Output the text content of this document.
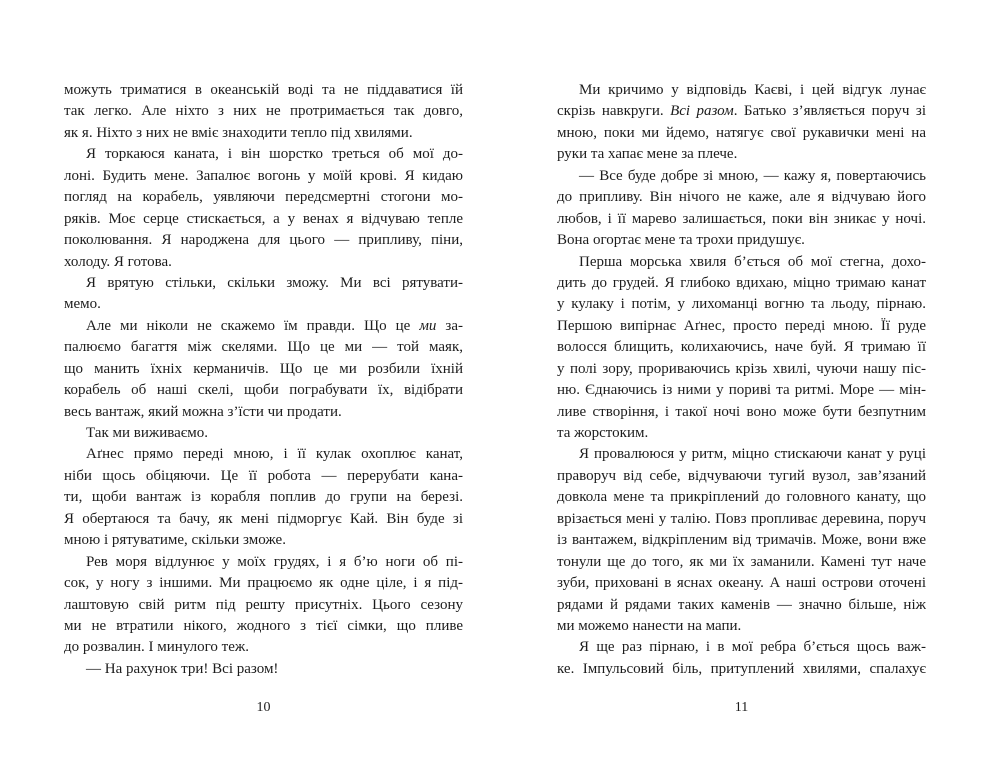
можуть триматися в океанській воді та не піддаватися їй
так легко. Але ніхто з них не протримається так довго,
як я. Ніхто з них не вміє знаходити тепло під хвилями.
Я торкаюся каната, і він шорстко треться об мої до-
лоні. Будить мене. Запалює вогонь у моїй крові. Я кидаю
погляд на корабель, уявляючи передсмертні стогони мо-
ряків. Моє серце стискається, а у венах я відчуваю тепле
поколювання. Я народжена для цього — припливу, піни,
холоду. Я готова.
Я врятую стільки, скільки зможу. Ми всі рятувати-
мемо.
Але ми ніколи не скажемо їм правди. Що це ми за-
палюємо багаття між скелями. Що це ми — той маяк,
що манить їхніх керманичів. Що це ми розбили їхній
корабель об наші скелі, щоби пограбувати їх, відібрати
весь вантаж, який можна з’їсти чи продати.
Так ми виживаємо.
Аґнес прямо переді мною, і її кулак охоплює канат,
ніби щось обіцяючи. Це її робота — перерубати кана-
ти, щоби вантаж із корабля поплив до групи на березі.
Я обертаюся та бачу, як мені підморгує Кай. Він буде зі
мною і рятуватиме, скільки зможе.
Рев моря відлунює у моїх грудях, і я б’ю ноги об пі-
сок, у ногу з іншими. Ми працюємо як одне ціле, і я під-
лаштовую свій ритм під решту присутніх. Цього сезону
ми не втратили нікого, жодного з тієї сімки, що пливе
до розвалин. І минулого теж.
— На рахунок три! Всі разом!
Ми кричимо у відповідь Каєві, і цей відгук лунає
скрізь навкруги. Всі разом. Батько з’являється поруч зі
мною, поки ми йдемо, натягує свої рукавички мені на
руки та хапає мене за плече.
— Все буде добре зі мною, — кажу я, повертаючись
до припливу. Він нічого не каже, але я відчуваю його
любов, і її марево залишається, поки він зникає у ночі.
Вона огортає мене та трохи придушує.
Перша морська хвиля б’ється об мої стегна, дохо-
дить до грудей. Я глибоко вдихаю, міцно тримаю канат
у кулаку і потім, у лихоманці вогню та льоду, пірнаю.
Першою випірнає Аґнес, просто переді мною. Її руде
волосся блищить, колихаючись, наче буй. Я тримаю її
у полі зору, прориваючись крізь хвилі, чуючи нашу піс-
ню. Єднаючись із ними у пориві та ритмі. Море — мін-
ливе створіння, і такої ночі воно може бути безпутним
та жорстоким.
Я провалююся у ритм, міцно стискаючи канат у руці
праворуч від себе, відчуваючи тугий вузол, зав’язаний
довкола мене та прикріплений до головного канату, що
врізається мені у талію. Повз пропливає деревина, поруч
із вантажем, відкріпленим від тримачів. Може, вони вже
тонули ще до того, як ми їх заманили. Камені тут наче
зуби, приховані в яснах океану. А наші острови оточені
рядами й рядами таких каменів — значно більше, ніж
ми можемо нанести на мапи.
Я ще раз пірнаю, і в мої ребра б’ється щось важ-
ке. Імпульсовий біль, притуплений хвилями, спалахує
10	11
